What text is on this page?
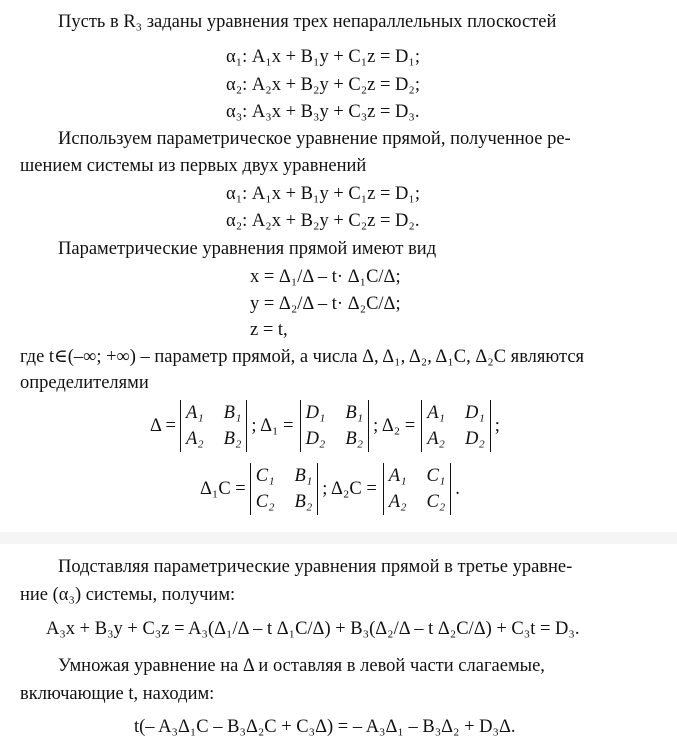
Пусть в R₃ заданы уравнения трех непараллельных плоскостей
α₁: A₁x + B₁y + C₁z = D₁;
α₂: A₂x + B₂y + C₂z = D₂;
α₃: A₃x + B₃y + C₃z = D₃.
Используем параметрическое уравнение прямой, полученное ре-
шением системы из первых двух уравнений
α₁: A₁x + B₁y + C₁z = D₁;
α₂: A₂x + B₂y + C₂z = D₂.
Параметрические уравнения прямой имеют вид
x = Δ₁/Δ – t· Δ₁C/Δ;
y = Δ₂/Δ – t· Δ₂C/Δ;
z = t,
где t∈(–∞; +∞) – параметр прямой, а числа Δ, Δ₁, Δ₂, Δ₁C, Δ₂C являются
определителями
Δ =
A₁ B₁
A₂ B₂
; Δ₁ =
D₁ B₁
D₂ B₂
; Δ₂ =
A₁ D₁
A₂ D₂
;
Δ₁C =
C₁ B₁
C₂ B₂
; Δ₂C =
A₁ C₁
A₂ C₂
.
Подставляя параметрические уравнения прямой в третье уравне-
ние (α₃) системы, получим:
A₃x + B₃y + C₃z = A₃(Δ₁/Δ – t Δ₁C/Δ) + B₃(Δ₂/Δ – t Δ₂C/Δ) + C₃t = D₃.
Умножая уравнение на Δ и оставляя в левой части слагаемые,
включающие t, находим:
t(– A₃Δ₁C – B₃Δ₂C + C₃Δ) = – A₃Δ₁ – B₃Δ₂ + D₃Δ.
